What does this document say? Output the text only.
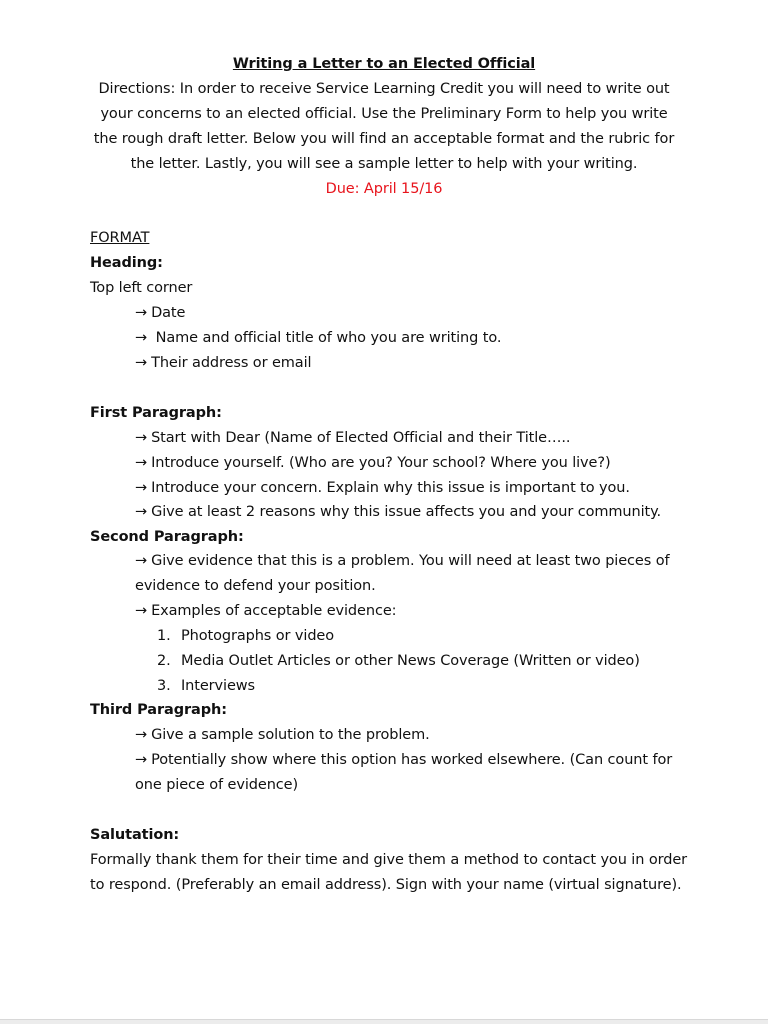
Writing a Letter to an Elected Official
Directions: In order to receive Service Learning Credit you will need to write out
your concerns to an elected official. Use the Preliminary Form to help you write
the rough draft letter. Below you will find an acceptable format and the rubric for
the letter. Lastly, you will see a sample letter to help with your writing.
Due: April 15/16
FORMAT
Heading:
Top left corner
→ Date
→ Name and official title of who you are writing to.
→ Their address or email
First Paragraph:
→ Start with Dear (Name of Elected Official and their Title…..
→ Introduce yourself. (Who are you? Your school? Where you live?)
→ Introduce your concern. Explain why this issue is important to you.
→ Give at least 2 reasons why this issue affects you and your community.
Second Paragraph:
→ Give evidence that this is a problem. You will need at least two pieces of
evidence to defend your position.
→ Examples of acceptable evidence:
1. Photographs or video
2. Media Outlet Articles or other News Coverage (Written or video)
3. Interviews
Third Paragraph:
→ Give a sample solution to the problem.
→ Potentially show where this option has worked elsewhere. (Can count for
one piece of evidence)
Salutation:
Formally thank them for their time and give them a method to contact you in order
to respond. (Preferably an email address). Sign with your name (virtual signature).
